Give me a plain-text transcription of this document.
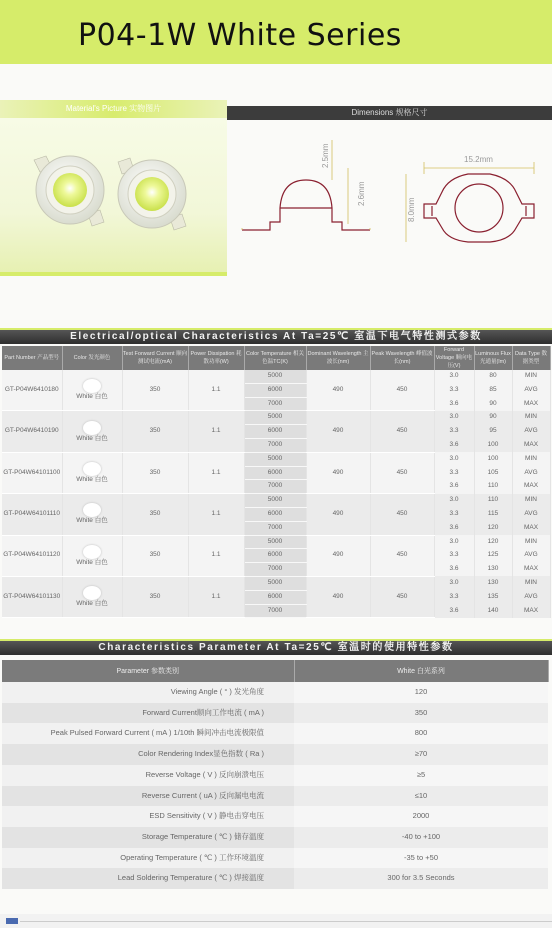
P04-1W White Series
Material's Picture 实物图片	Dimensions 规格尺寸
2.5mm
2.6mm
15.2mm
8.0mm
Electrical/optical Characteristics At Ta=25℃ 室温下电气特性测式参数
Part Number 产品型号	Color 发光颜色	Test Forward Current 顺向测试电流(mA)	Power Dissipation 耗散功率(W)	Color Temperature 相关色温TC(K)	Dominant Wavelength 主波长(nm)	Peak Wavelength 峰值波长(nm)	Forward Voltage 顺向电压(V)	Luminous Flux 光通量(lm)	Data Type 数据类型
GT-P04W6410180	White 白色	350	1.1	5000	490	450	3.0	80	MIN
				6000			3.3	85	AVG
				7000			3.6	90	MAX
GT-P04W6410190	White 白色	350	1.1	5000	490	450	3.0	90	MIN
				6000			3.3	95	AVG
				7000			3.6	100	MAX
GT-P04W64101100	White 白色	350	1.1	5000	490	450	3.0	100	MIN
				6000			3.3	105	AVG
				7000			3.6	110	MAX
GT-P04W64101110	White 白色	350	1.1	5000	490	450	3.0	110	MIN
				6000			3.3	115	AVG
				7000			3.6	120	MAX
GT-P04W64101120	White 白色	350	1.1	5000	490	450	3.0	120	MIN
				6000			3.3	125	AVG
				7000			3.6	130	MAX
GT-P04W64101130	White 白色	350	1.1	5000	490	450	3.0	130	MIN
				6000			3.3	135	AVG
				7000			3.6	140	MAX
Characteristics Parameter At Ta=25℃ 室温时的使用特性参数
Parameter 参数类别	White 白光系列
Viewing Angle ( ° ) 发光角度	120
Forward Current顺向工作电流 ( mA )	350
Peak Pulsed Forward Current ( mA ) 1/10th 瞬间冲击电流极限值	800
Color Rendering Index显色指数 ( Ra )	≥70
Reverse Voltage ( V ) 反向崩溃电压	≥5
Reverse Current ( uA ) 反向漏电电流	≤10
ESD Sensitivity ( V ) 静电击穿电压	2000
Storage Temperature ( ℃ ) 储存温度	-40 to +100
Operating Temperature ( ℃ ) 工作环境温度	-35 to +50
Lead Soldering Temperature ( ℃ ) 焊接温度	300 for 3.5 Seconds
